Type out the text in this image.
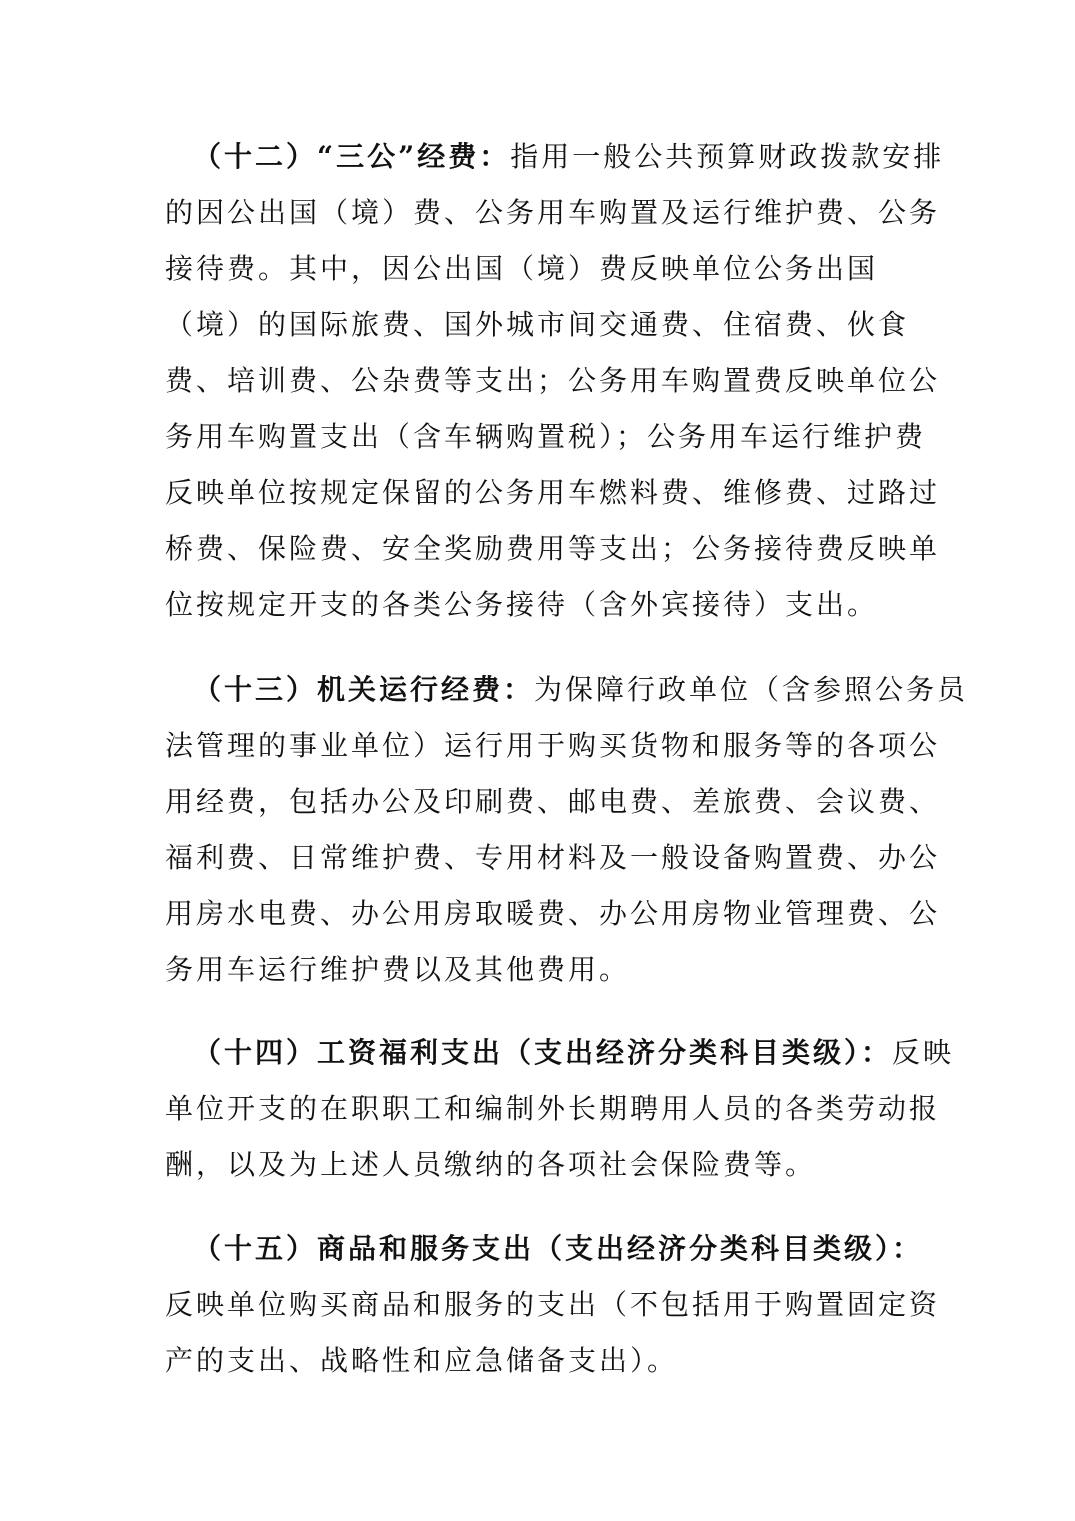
（十二）“三公”经费：指用一般公共预算财政拨款安排
的因公出国（境）费、公务用车购置及运行维护费、公务
接待费。其中，因公出国（境）费反映单位公务出国
（境）的国际旅费、国外城市间交通费、住宿费、伙食
费、培训费、公杂费等支出；公务用车购置费反映单位公
务用车购置支出（含车辆购置税）；公务用车运行维护费
反映单位按规定保留的公务用车燃料费、维修费、过路过
桥费、保险费、安全奖励费用等支出；公务接待费反映单
位按规定开支的各类公务接待（含外宾接待）支出。
（十三）机关运行经费：为保障行政单位（含参照公务员
法管理的事业单位）运行用于购买货物和服务等的各项公
用经费，包括办公及印刷费、邮电费、差旅费、会议费、
福利费、日常维护费、专用材料及一般设备购置费、办公
用房水电费、办公用房取暖费、办公用房物业管理费、公
务用车运行维护费以及其他费用。
（十四）工资福利支出（支出经济分类科目类级）：反映
单位开支的在职职工和编制外长期聘用人员的各类劳动报
酬，以及为上述人员缴纳的各项社会保险费等。
（十五）商品和服务支出（支出经济分类科目类级）：
反映单位购买商品和服务的支出（不包括用于购置固定资
产的支出、战略性和应急储备支出）。
